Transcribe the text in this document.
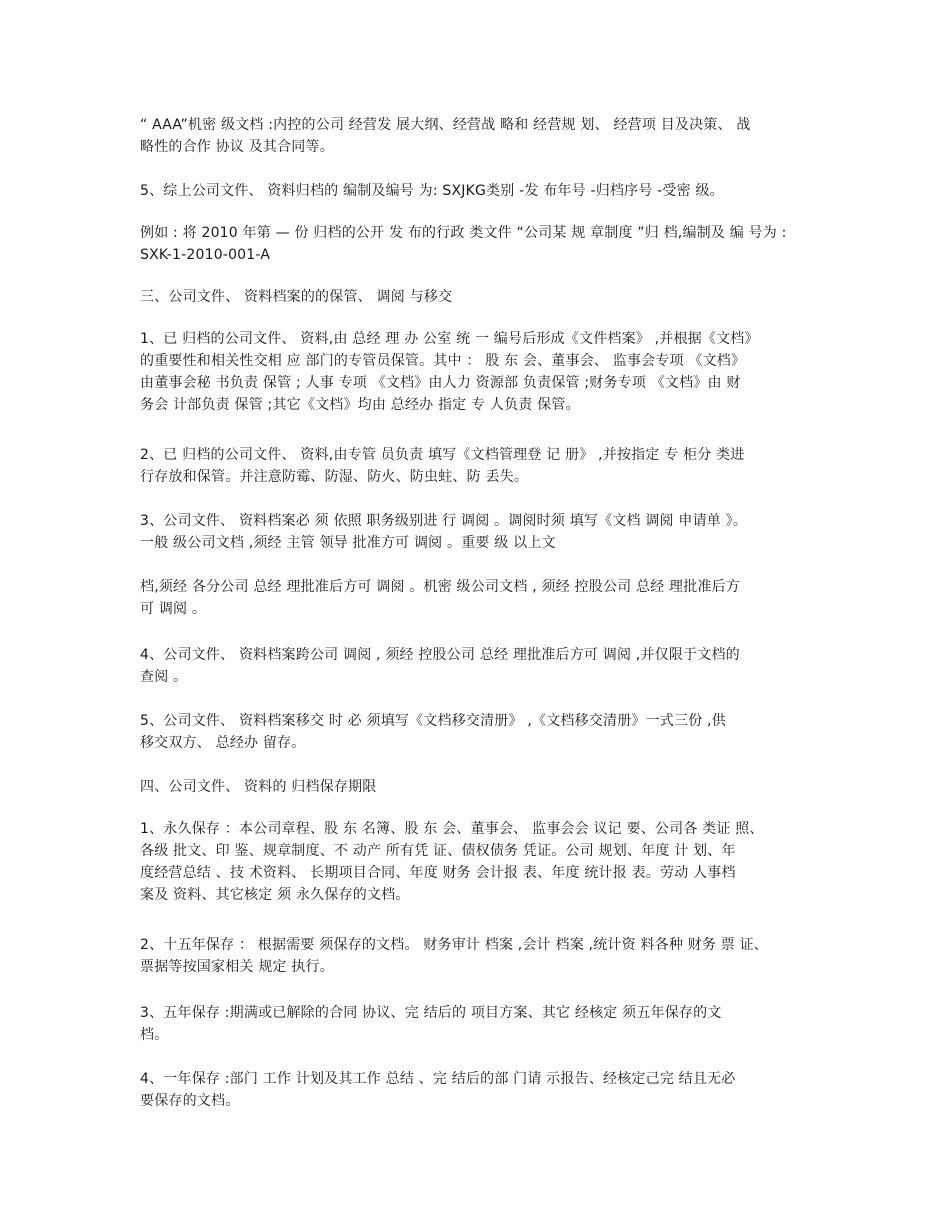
“ AAA”机密 级文档 :内控的公司 经营发 展大纲、经营战 略和 经营规 划、 经营项 目及决策、 战
略性的合作 协议 及其合同等。

5、综上公司文件、 资料归档的 编制及编号 为: SXJKG类别 -发 布年号 -归档序号 -受密 级。

例如 : 将 2010 年第 — 份 归档的公开 发 布的行政 类文件 “公司某 规 章制度 ”归 档,编制及 编 号为 :
SXK-1-2010-001-A

三、公司文件、 资料档案的的保管、 调阅 与移交

1、已 归档的公司文件、 资料,由 总经 理 办 公室 统 一 编号后形成《文件档案》 ,并根据《文档》
的重要性和相关性交相 应 部门的专管员保管。其中 ： 股 东 会、董事会、 监事会专项 《文档》
由董事会秘 书负责 保管 ; 人事 专项 《文档》由人力 资源部 负责保管 ;财务专项 《文档》由 财
务会 计部负责 保管 ;其它《文档》均由 总经办 指定 专 人负责 保管。

2、已 归档的公司文件、 资料,由专管 员负责 填写《文档管理登 记 册》 ,并按指定 专 柜分 类进
行存放和保管。并注意防霉、防湿、防火、防虫蛀、防 丢失。

3、公司文件、 资料档案必 须 依照 职务级别进 行 调阅 。调阅时须 填写《文档 调阅 申请单 》。
一般 级公司文档 ,须经 主管 领导 批准方可 调阅 。重要 级 以上文

档,须经 各分公司 总经 理批准后方可 调阅 。机密 级公司文档 , 须经 控股公司 总经 理批准后方
可 调阅 。

4、公司文件、 资料档案跨公司 调阅 , 须经 控股公司 总经 理批准后方可 调阅 ,并仅限于文档的
查阅 。

5、公司文件、 资料档案移交 时 必 须填写《文档移交清册》 ,《文档移交清册》一式三份 ,供
移交双方、 总经办 留存。

四、公司文件、 资料的 归档保存期限

1、永久保存 ：本公司章程、股 东 名簿、股 东 会、董事会、 监事会会 议记 要、公司各 类证 照、
各级 批文、印 鉴、规章制度、不 动产 所有凭 证、债权债务 凭证。公司 规划、年度 计 划、年
度经营总结 、技 术资料、 长期项目合同、年度 财务 会计报 表、年度 统计报 表。劳动 人事档
案及 资料、其它核定 须 永久保存的文档。

2、十五年保存 ： 根据需要 须保存的文档。 财务审计 档案 ,会计 档案 ,统计资 料各种 财务 票 证、
票据等按国家相关 规定 执行。

3、五年保存 :期满或已解除的合同 协议、完 结后的 项目方案、其它 经核定 须五年保存的文
档。

4、一年保存 :部门 工作 计划及其工作 总结 、完 结后的部 门请 示报告、经核定己完 结且无必
要保存的文档。
